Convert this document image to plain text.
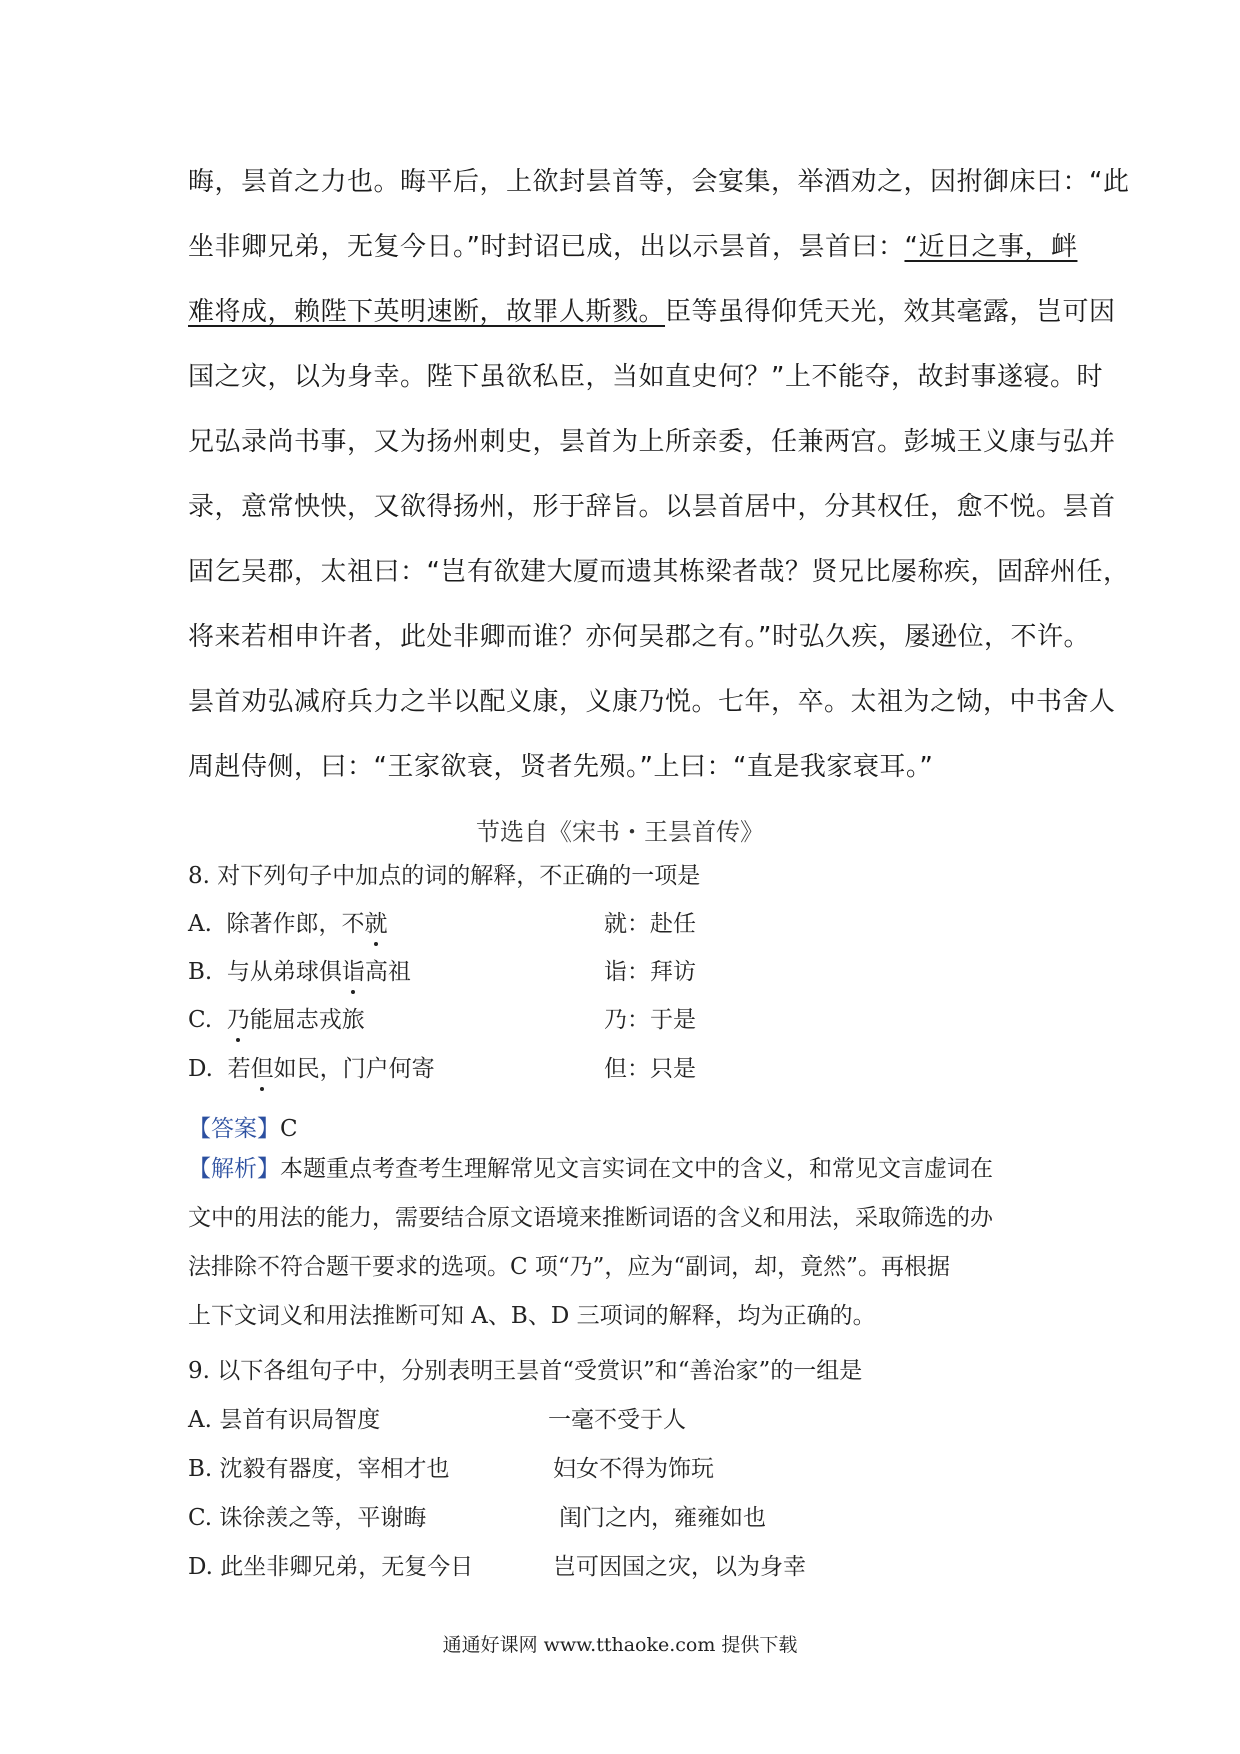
晦，昙首之力也。晦平后，上欲封昙首等，会宴集，举酒劝之，因拊御床曰：“此
坐非卿兄弟，无复今日。”时封诏已成，出以示昙首，昙首曰：“近日之事，衅
难将成，赖陛下英明速断，故罪人斯戮。臣等虽得仰凭天光，效其毫露，岂可因
国之灾，以为身幸。陛下虽欲私臣，当如直史何？”上不能夺，故封事遂寝。时
兄弘录尚书事，又为扬州刺史，昙首为上所亲委，任兼两宫。彭城王义康与弘并
录，意常怏怏，又欲得扬州，形于辞旨。以昙首居中，分其权任，愈不悦。昙首
固乞吴郡，太祖曰：“岂有欲建大厦而遗其栋梁者哉？贤兄比屡称疾，固辞州任，
将来若相申许者，此处非卿而谁？亦何吴郡之有。”时弘久疾，屡逊位，不许。
昙首劝弘减府兵力之半以配义康，义康乃悦。七年，卒。太祖为之恸，中书舍人
周赳侍侧，曰：“王家欲衰，贤者先殒。”上曰：“直是我家衰耳。”
节选自《宋书・王昙首传》
8. 对下列句子中加点的词的解释，不正确的一项是
A. 除著作郎，不就	就：赴任
B. 与从弟球俱诣高祖	诣：拜访
C. 乃能屈志戎旅	乃：于是
D. 若但如民，门户何寄	但：只是
【答案】C
【解析】本题重点考查考生理解常见文言实词在文中的含义，和常见文言虚词在
文中的用法的能力，需要结合原文语境来推断词语的含义和用法，采取筛选的办
法排除不符合题干要求的选项。C 项“乃”，应为“副词，却，竟然”。再根据
上下文词义和用法推断可知 A、B、D 三项词的解释，均为正确的。
9. 以下各组句子中，分别表明王昙首“受赏识”和“善治家”的一组是
A. 昙首有识局智度	一毫不受于人
B. 沈毅有器度，宰相才也	妇女不得为饰玩
C. 诛徐羡之等，平谢晦	闺门之内，雍雍如也
D. 此坐非卿兄弟，无复今日	岂可因国之灾，以为身幸
通通好课网 www.tthaoke.com 提供下载
